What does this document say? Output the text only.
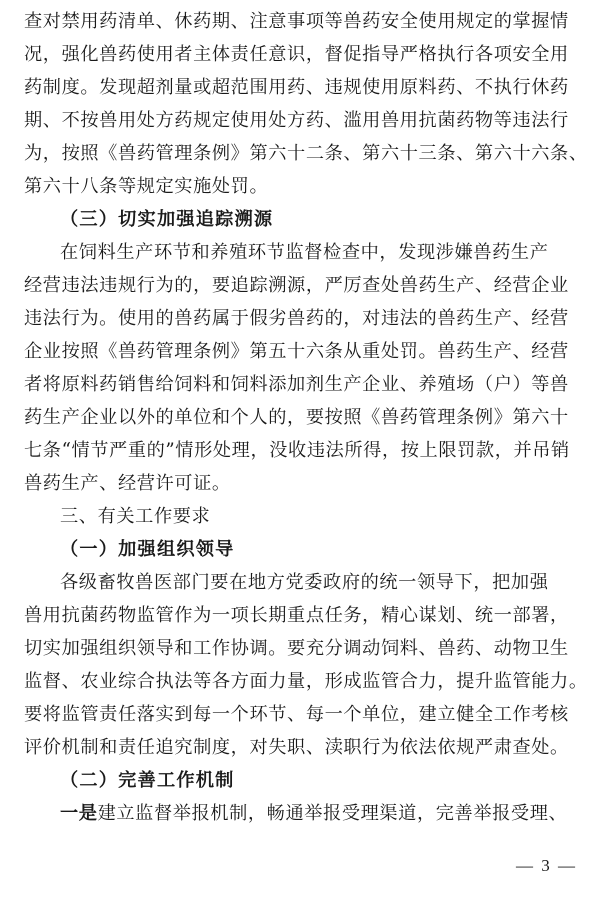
查对禁用药清单、休药期、注意事项等兽药安全使用规定的掌握情
况，强化兽药使用者主体责任意识，督促指导严格执行各项安全用
药制度。发现超剂量或超范围用药、违规使用原料药、不执行休药
期、不按兽用处方药规定使用处方药、滥用兽用抗菌药物等违法行
为，按照《兽药管理条例》第六十二条、第六十三条、第六十六条、
第六十八条等规定实施处罚。
（三）切实加强追踪溯源
在饲料生产环节和养殖环节监督检查中，发现涉嫌兽药生产
经营违法违规行为的，要追踪溯源，严厉查处兽药生产、经营企业
违法行为。使用的兽药属于假劣兽药的，对违法的兽药生产、经营
企业按照《兽药管理条例》第五十六条从重处罚。兽药生产、经营
者将原料药销售给饲料和饲料添加剂生产企业、养殖场（户）等兽
药生产企业以外的单位和个人的，要按照《兽药管理条例》第六十
七条“情节严重的”情形处理，没收违法所得，按上限罚款，并吊销
兽药生产、经营许可证。
三、有关工作要求
（一）加强组织领导
各级畜牧兽医部门要在地方党委政府的统一领导下，把加强
兽用抗菌药物监管作为一项长期重点任务，精心谋划、统一部署，
切实加强组织领导和工作协调。要充分调动饲料、兽药、动物卫生
监督、农业综合执法等各方面力量，形成监管合力，提升监管能力。
要将监管责任落实到每一个环节、每一个单位，建立健全工作考核
评价机制和责任追究制度，对失职、渎职行为依法依规严肃查处。
（二）完善工作机制
一是建立监督举报机制，畅通举报受理渠道，完善举报受理、
— 3 —
